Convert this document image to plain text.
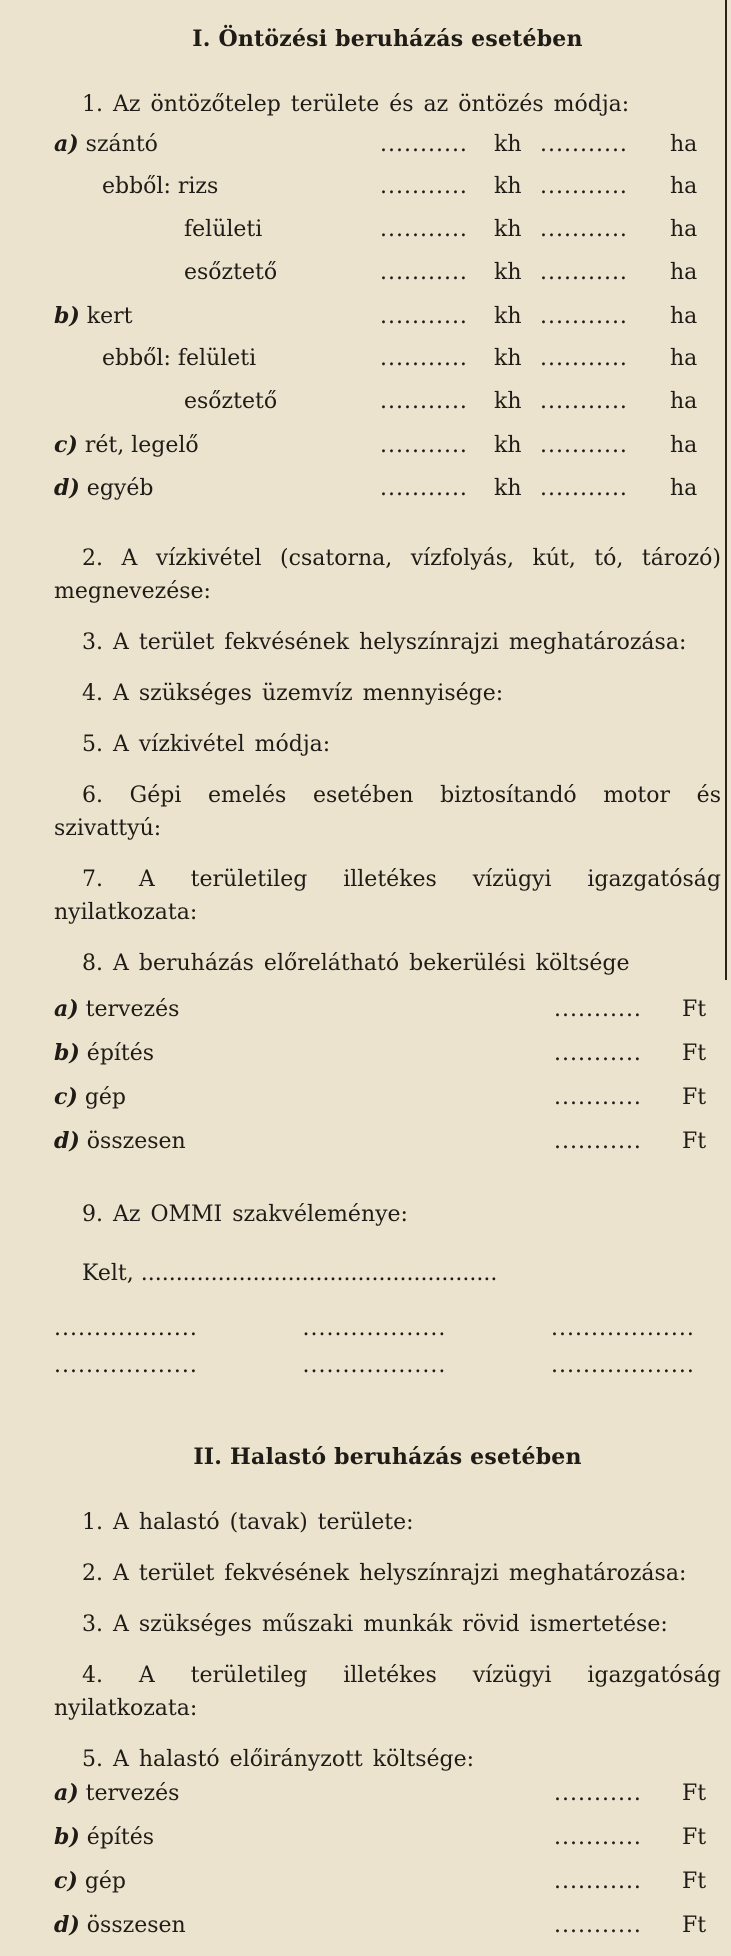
I. Öntözési beruházás esetében
1. Az öntözőtelep területe és az öntözés módja:
a) szántó	...........	kh ...........	ha
ebből: rizs	...........	kh ...........	ha
felületi	...........	kh ...........	ha
esőztető	...........	kh ...........	ha
b) kert	...........	kh ...........	ha
ebből: felületi	...........	kh ...........	ha
esőztető	...........	kh ...........	ha
c) rét, legelő	...........	kh ...........	ha
d) egyéb	...........	kh ...........	ha
2. A vízkivétel (csatorna, vízfolyás, kút, tó, tározó) megnevezése:
3. A terület fekvésének helyszínrajzi meghatározása:
4. A szükséges üzemvíz mennyisége:
5. A vízkivétel módja:
6. Gépi emelés esetében biztosítandó motor és szivattyú:
7. A területileg illetékes vízügyi igazgatóság nyilatkozata:
8. A beruházás előrelátható bekerülési költsége
a) tervezés	...........	Ft
b) építés	...........	Ft
c) gép	...........	Ft
d) összesen	...........	Ft
9. Az OMMI szakvéleménye:
Kelt, ...................................................
..................	..................	..................
..................	..................	..................
II. Halastó beruházás esetében
1. A halastó (tavak) területe:
2. A terület fekvésének helyszínrajzi meghatározása:
3. A szükséges műszaki munkák rövid ismertetése:
4. A területileg illetékes vízügyi igazgatóság nyilatkozata:
5. A halastó előirányzott költsége:
a) tervezés	...........	Ft
b) építés	...........	Ft
c) gép	...........	Ft
d) összesen	...........	Ft
